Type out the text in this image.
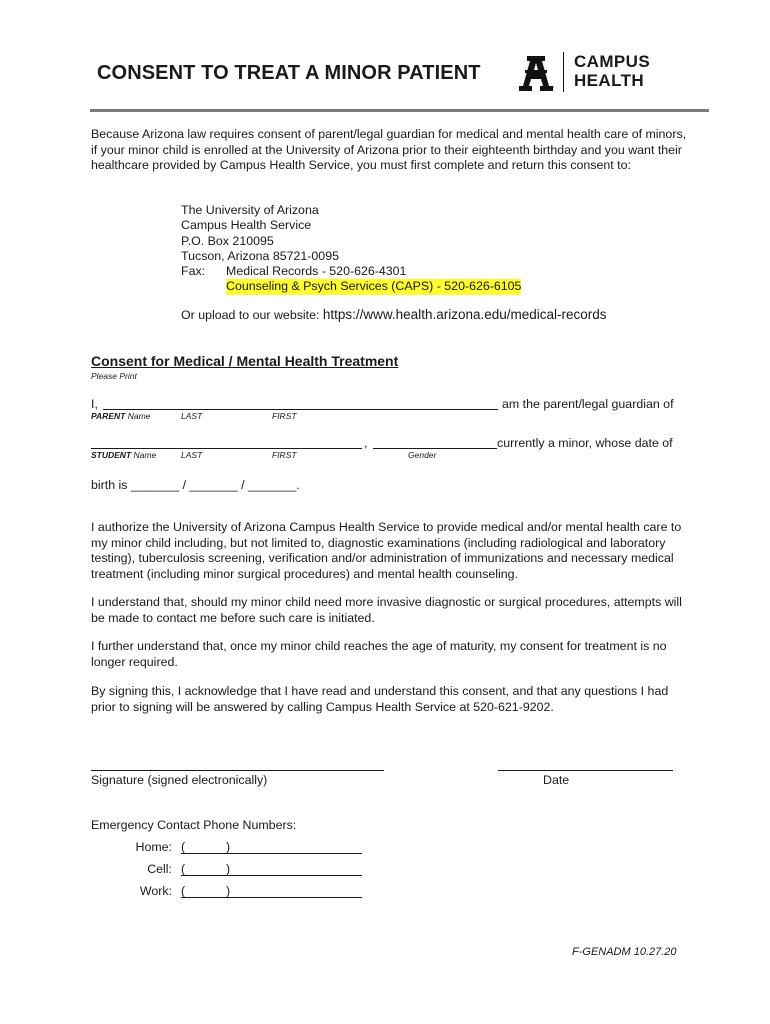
CONSENT TO TREAT A MINOR PATIENT
™
CAMPUS
HEALTH
Because Arizona law requires consent of parent/legal guardian for medical and mental health care of minors, if your minor child is enrolled at the University of Arizona prior to their eighteenth birthday and you want their healthcare provided by Campus Health Service, you must first complete and return this consent to:
The University of Arizona
Campus Health Service
P.O. Box 210095
Tucson, Arizona 85721-0095
Fax:	Medical Records - 520-626-4301
Counseling & Psych Services (CAPS) - 520-626-6105
Or upload to our website: https://www.health.arizona.edu/medical-records
Consent for Medical / Mental Health Treatment
Please Print
I,	am the parent/legal guardian of
PARENT Name	LAST	FIRST
,	currently a minor, whose date of
STUDENT Name	LAST	FIRST	Gender
birth is _______ / _______ / _______.
I authorize the University of Arizona Campus Health Service to provide medical and/or mental health care to my minor child including, but not limited to, diagnostic examinations (including radiological and laboratory testing), tuberculosis screening, verification and/or administration of immunizations and necessary medical treatment (including minor surgical procedures) and mental health counseling.
I understand that, should my minor child need more invasive diagnostic or surgical procedures, attempts will be made to contact me before such care is initiated.
I further understand that, once my minor child reaches the age of maturity, my consent for treatment is no longer required.
By signing this, I acknowledge that I have read and understand this consent, and that any questions I had prior to signing will be answered by calling Campus Health Service at 520-621-9202.
Signature (signed electronically)	Date
Emergency Contact Phone Numbers:
Home: (	)
Cell: (	)
Work: (	)
F-GENADM 10.27.20
